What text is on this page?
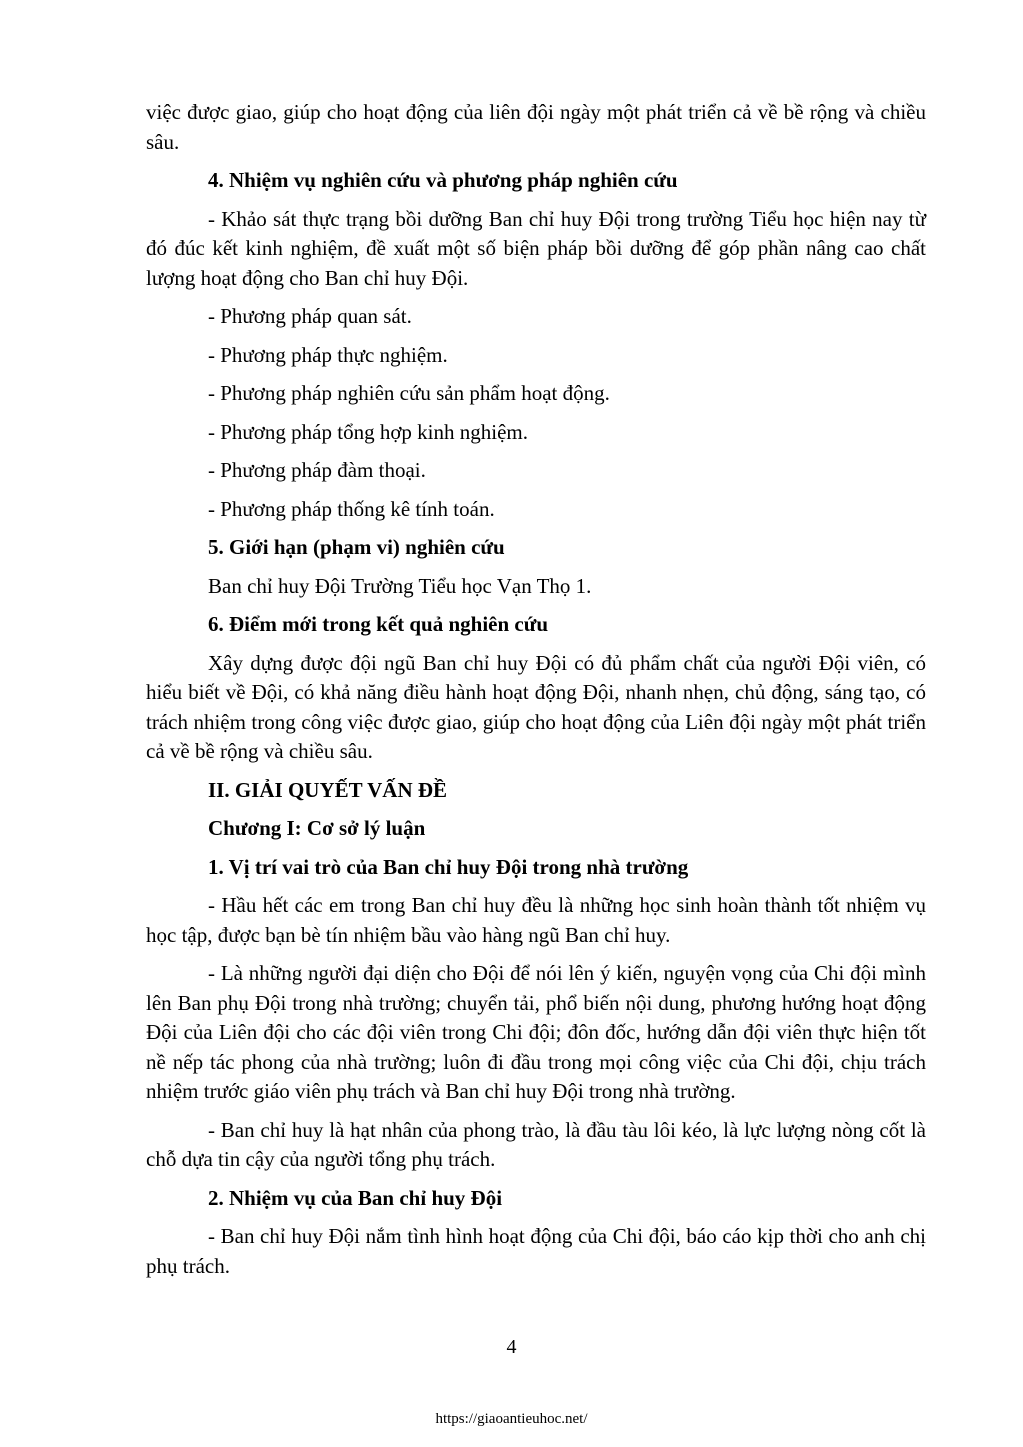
việc được giao, giúp cho hoạt động của liên đội ngày một phát triển cả về bề rộng và chiều sâu.

4. Nhiệm vụ nghiên cứu và phương pháp nghiên cứu

- Khảo sát thực trạng bồi dưỡng Ban chỉ huy Đội trong trường Tiểu học hiện nay từ đó đúc kết kinh nghiệm, đề xuất một số biện pháp bồi dưỡng để góp phần nâng cao chất lượng hoạt động cho Ban chỉ huy Đội.

- Phương pháp quan sát.

- Phương pháp thực nghiệm.

- Phương pháp nghiên cứu sản phẩm hoạt động.

- Phương pháp tổng hợp kinh nghiệm.

- Phương pháp đàm thoại.

- Phương pháp thống kê tính toán.

5. Giới hạn (phạm vi) nghiên cứu

Ban chỉ huy Đội Trường Tiểu học Vạn Thọ 1.

6. Điểm mới trong kết quả nghiên cứu

Xây dựng được đội ngũ Ban chỉ huy Đội có đủ phẩm chất của người Đội viên, có hiểu biết về Đội, có khả năng điều hành hoạt động Đội, nhanh nhẹn, chủ động, sáng tạo, có trách nhiệm trong công việc được giao, giúp cho hoạt động của Liên đội ngày một phát triển cả về bề rộng và chiều sâu.

II. GIẢI QUYẾT VẤN ĐỀ

Chương I: Cơ sở lý luận

1. Vị trí vai trò của Ban chỉ huy Đội trong nhà trường

- Hầu hết các em trong Ban chỉ huy đều là những học sinh hoàn thành tốt nhiệm vụ học tập, được bạn bè tín nhiệm bầu vào hàng ngũ Ban chỉ huy.

- Là những người đại diện cho Đội để nói lên ý kiến, nguyện vọng của Chi đội mình lên Ban phụ Đội trong nhà trường; chuyển tải, phổ biến nội dung, phương hướng hoạt động Đội của Liên đội cho các đội viên trong Chi đội; đôn đốc, hướng dẫn đội viên thực hiện tốt nề nếp tác phong của nhà trường; luôn đi đầu trong mọi công việc của Chi đội, chịu trách nhiệm trước giáo viên phụ trách và Ban chỉ huy Đội trong nhà trường.

- Ban chỉ huy là hạt nhân của phong trào, là đầu tàu lôi kéo, là lực lượng nòng cốt là chỗ dựa tin cậy của người tổng phụ trách.

2. Nhiệm vụ của Ban chỉ huy Đội

- Ban chỉ huy Đội nắm tình hình hoạt động của Chi đội, báo cáo kịp thời cho anh chị phụ trách.

4
https://giaoantieuhoc.net/
